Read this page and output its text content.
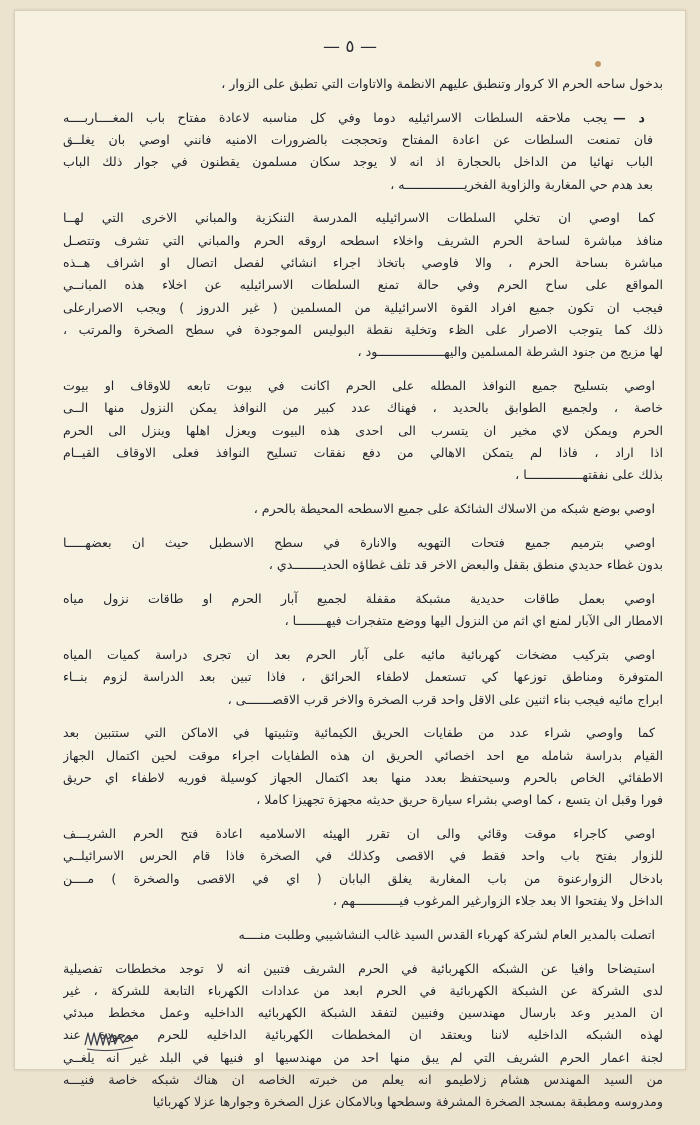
— ٥ —
بدخول ساحه الحرم الا كروار وتنطبق عليهم الانظمة والاتاوات التي تطبق على الزوار ،
د —يجب ملاحقه السلطات الاسرائيليه دوما وفي كل مناسبه لاعادة مفتاح باب المغــــاربــــه
فان تمنعت السلطات عن اعادة المفتاح وتحججت بالضرورات الامنيه فانني اوصي بان يغلــق
الباب نهائيا من الداخل بالحجارة اذ انه لا يوجد سكان مسلمون يقطنون في جوار ذلك الباب
بعد هدم حي المغاربة والزاوية الفخريــــــــــــــــه ،
كما اوصي ان تخلي السلطات الاسرائيليه المدرسة التنكزية والمباني الاخرى التي لهــا
منافذ مباشرة لساحة الحرم الشريف واخلاء اسطحه اروقه الحرم والمباني التي تشرف وتتصـل
مباشرة بساحة الحرم ، والا فاوصي باتخاذ اجراء انشائي لفصل اتصال او اشراف هــذه
المواقع على ساح الحرم وفي حالة تمنع السلطات الاسرائيليه عن اخلاء هذه المبانــي
فيجب ان تكون جميع افراد القوة الاسرائيلية من المسلمين ( غير الدروز ) ويجب الاصرارعلى
ذلك كما يتوجب الاصرار على الظء وتخلية نقطة البوليس الموجودة في سطح الصخرة والمرتب ،
لها مزيج من جنود الشرطة المسلمين واليهــــــــــــــــــود ،
اوصي بتسليح جميع النوافذ المطله على الحرم اكانت في بيوت تابعه للاوقاف او بيوت
خاصة ، ولجميع الطوابق بالحديد ، فهناك عدد كبير من النوافذ يمكن النزول منها الــى
الحرم ويمكن لاي مخير ان يتسرب الى احدى هذه البيوت ويعزل اهلها وينزل الى الحرم
اذا اراد ، فاذا لم يتمكن الاهالي من دفع نفقات تسليح النوافذ فعلى الاوقاف القيــام
بذلك على نفقتهـــــــــــــــا ،
اوصي بوضع شبكه من الاسلاك الشائكة على جميع الاسطحه المحيطة بالحرم ،
اوصي بترميم جميع فتحات التهويه والانارة في سطح الاسطبل حيث ان بعضهـــــا
بدون غطاء حديدي منطق بقفل والبعض الاخر قد تلف غطاؤه الحديــــــــدي ،
اوصي بعمل طاقات حديدية مشبكة مقفلة لجميع آبار الحرم او طاقات نزول مياه
الامطار الى الآبار لمنع اي اثم من النزول اليها ووضع متفجرات فيهــــــــا ،
اوصي بتركيب مضخات كهربائية مائيه على آبار الحرم بعد ان تجرى دراسة كميات المياه
المتوفرة ومناطق توزعها كي تستعمل لاطفاء الحرائق ، فاذا تبين بعد الدراسة لزوم بنــاء
ابراج مائيه فيجب بناء اثنين على الاقل واحد قرب الصخرة والاخر قرب الاقصـــــــى ،
كما واوصي شراء عدد من طفايات الحريق الكيمائية وتثبيتها في الاماكن التي ستتبين بعد
القيام بدراسة شامله مع احد اخصائي الحريق ان هذه الطفايات اجراء موقت لحين اكتمال الجهاز
الاطفائي الخاص بالحرم وسيحتفظ بعدد منها بعد اكتمال الجهاز كوسيلة فوريه لاطفاء اي حريق
فورا وقبل ان يتسع ، كما اوصي بشراء سيارة حريق حديثه مجهزة تجهيزا كاملا ،
اوصي كاجراء موقت وقائي والى ان تقرر الهيئه الاسلاميه اعادة فتح الحرم الشريـــف
للزوار بفتح باب واحد فقط في الاقصى وكذلك في الصخرة فاذا قام الحرس الاسرائيلــي
بادخال الزوارعنوة من باب المغاربة يغلق البابان ( اي في الاقصى والصخرة ) مــــن
الداخل ولا يفتحوا الا بعد جلاء الزوارغير المرغوب فيــــــــــــهم ،
اتصلت بالمدير العام لشركة كهرباء القدس السيد غالب النشاشيبي وطلبت منــــه
استيضاحا وافيا عن الشبكه الكهربائية في الحرم الشريف فتبين انه لا توجد مخططات تفصيلية
لدى الشركة عن الشبكة الكهربائية في الحرم ابعد من عدادات الكهرباء التابعة للشركة ، غير
ان المدير وعد بارسال مهندسين وفنيين لتفقد الشبكة الكهربائيه الداخليه وعمل مخطط مبدئي
لهذه الشبكه الداخليه لاننا ويعتقد ان المخططات الكهربائية الداخليه للحرم موجودة عند
لجنة اعمار الحرم الشريف التي لم يبق منها احد من مهندسيها او فنيها في البلد غير انه يلغــي
من السيد المهندس هشام زلاطيمو انه يعلم من خبرته الخاصه ان هناك شبكه خاصة فنيـــه
ومدروسه ومطبقة بمسجد الصخرة المشرفة وسطحها وبالامكان عزل الصخرة وجوارها عزلا كهربائيا
